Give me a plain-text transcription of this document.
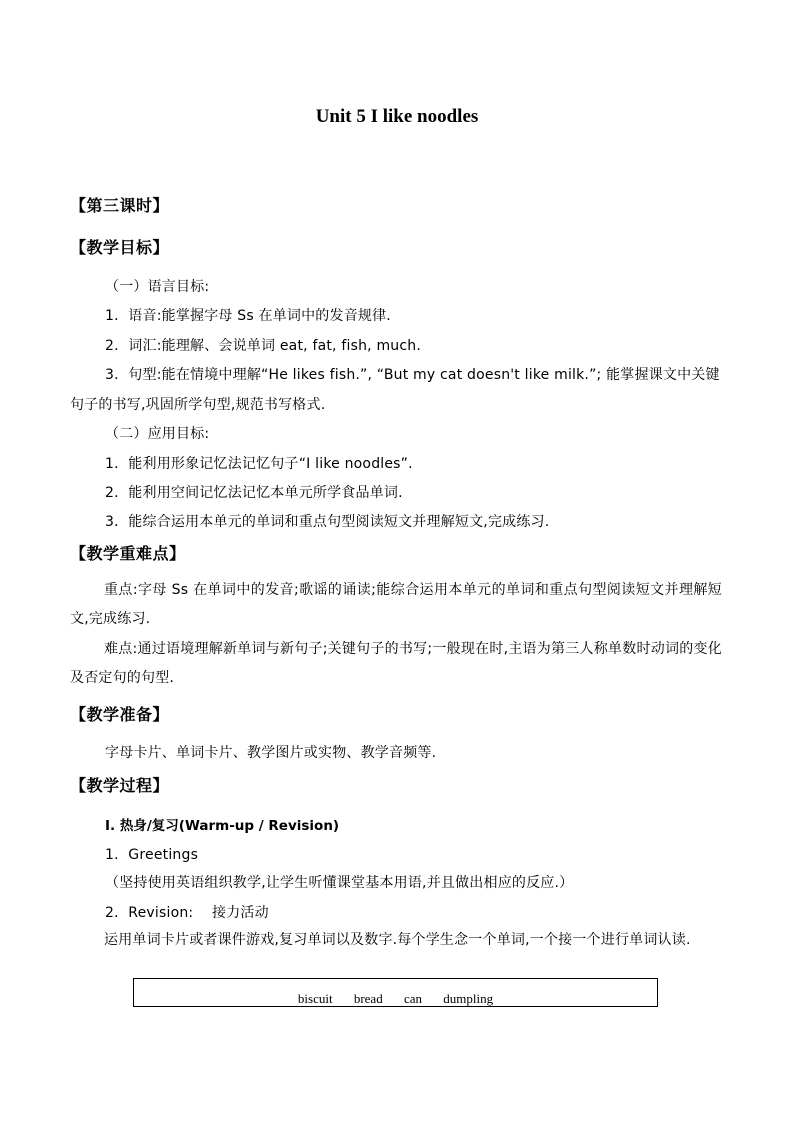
Unit 5 I like noodles
【第三课时】
【教学目标】
（一）语言目标:
1．语音:能掌握字母 Ss 在单词中的发音规律.
2．词汇:能理解、会说单词 eat, fat, fish, much.
3．句型:能在情境中理解“He likes fish.”, “But my cat doesn't like milk.”; 能掌握课文中关键
句子的书写,巩固所学句型,规范书写格式.
（二）应用目标:
1．能利用形象记忆法记忆句子“I like noodles”.
2．能利用空间记忆法记忆本单元所学食品单词.
3．能综合运用本单元的单词和重点句型阅读短文并理解短文,完成练习.
【教学重难点】
重点:字母 Ss 在单词中的发音;歌谣的诵读;能综合运用本单元的单词和重点句型阅读短文并理解短文,完成练习.
难点:通过语境理解新单词与新句子;关键句子的书写;一般现在时,主语为第三人称单数时动词的变化及否定句的句型.
【教学准备】
字母卡片、单词卡片、教学图片或实物、教学音频等.
【教学过程】
I. 热身/复习(Warm-up / Revision)
1．Greetings
（坚持使用英语组织教学,让学生听懂课堂基本用语,并且做出相应的反应.）
2．Revision: 接力活动
运用单词卡片或者课件游戏,复习单词以及数字.每个学生念一个单词,一个接一个进行单词认读.
biscuit bread can dumpling
